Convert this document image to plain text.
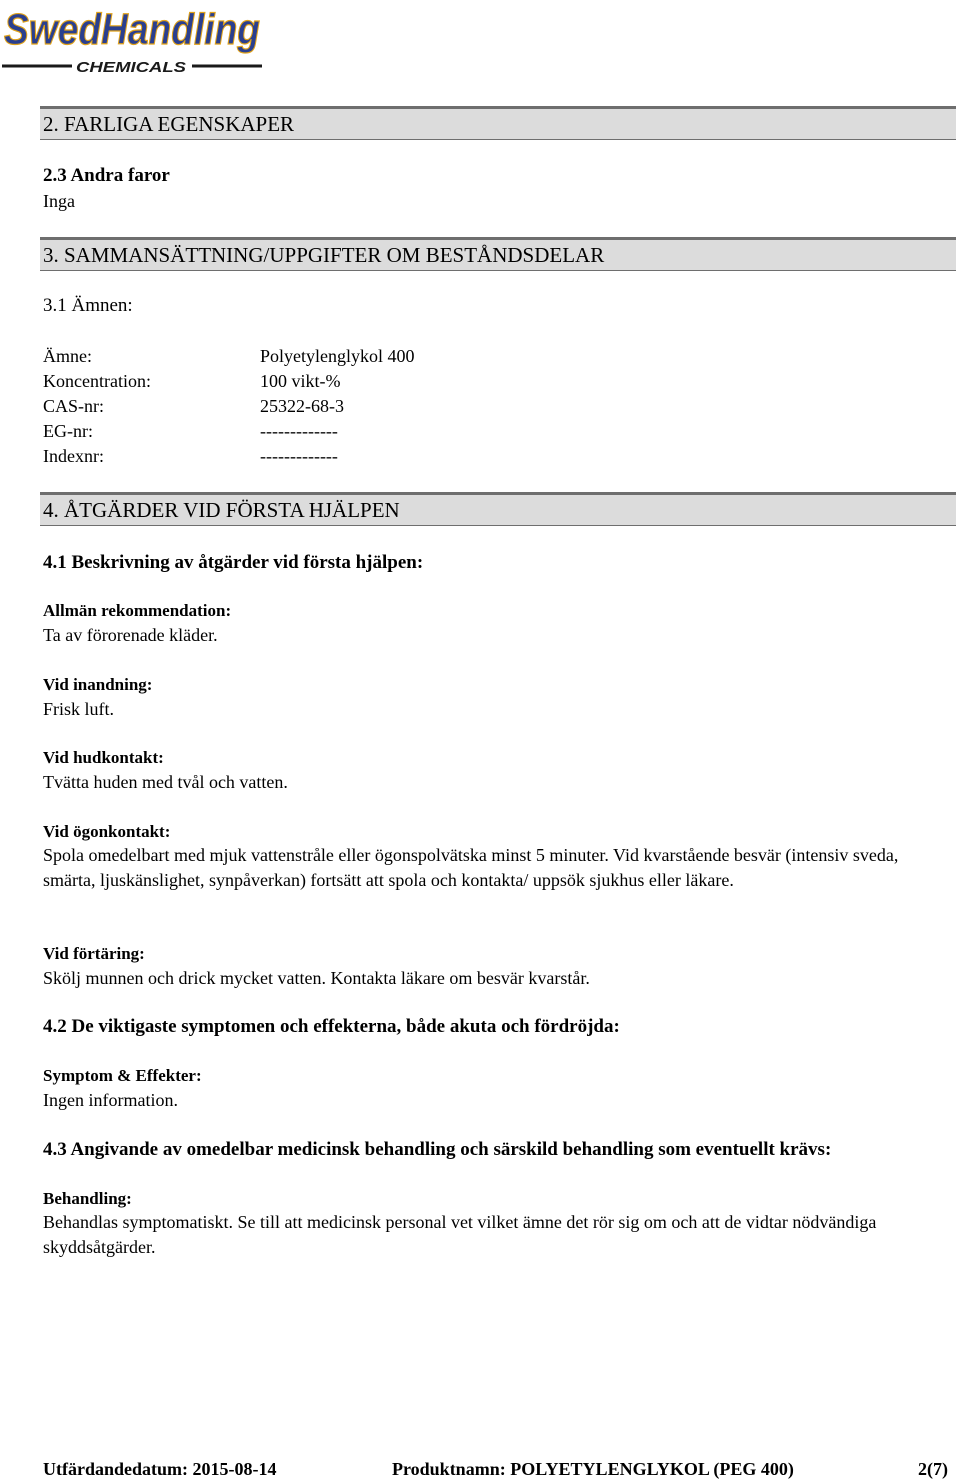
SwedHandling
CHEMICALS
2. FARLIGA EGENSKAPER
2.3 Andra faror
Inga
3. SAMMANSÄTTNING/UPPGIFTER OM BESTÅNDSDELAR
3.1 Ämnen:
Ämne:	Polyetylenglykol 400
Koncentration:	100 vikt-%
CAS-nr:	25322-68-3
EG-nr:	-------------
Indexnr:	-------------
4. ÅTGÄRDER VID FÖRSTA HJÄLPEN
4.1 Beskrivning av åtgärder vid första hjälpen:
Allmän rekommendation:
Ta av förorenade kläder.
Vid inandning:
Frisk luft.
Vid hudkontakt:
Tvätta huden med tvål och vatten.
Vid ögonkontakt:
Spola omedelbart med mjuk vattenstråle eller ögonspolvätska minst 5 minuter. Vid kvarstående besvär (intensiv sveda, smärta, ljuskänslighet, synpåverkan) fortsätt att spola och kontakta/ uppsök sjukhus eller läkare.
Vid förtäring:
Skölj munnen och drick mycket vatten. Kontakta läkare om besvär kvarstår.
4.2 De viktigaste symptomen och effekterna, både akuta och fördröjda:
Symptom & Effekter:
Ingen information.
4.3 Angivande av omedelbar medicinsk behandling och särskild behandling som eventuellt krävs:
Behandling:
Behandlas symptomatiskt. Se till att medicinsk personal vet vilket ämne det rör sig om och att de vidtar nödvändiga skyddsåtgärder.
Utfärdandedatum: 2015-08-14	Produktnamn: POLYETYLENGLYKOL (PEG 400)	2(7)
